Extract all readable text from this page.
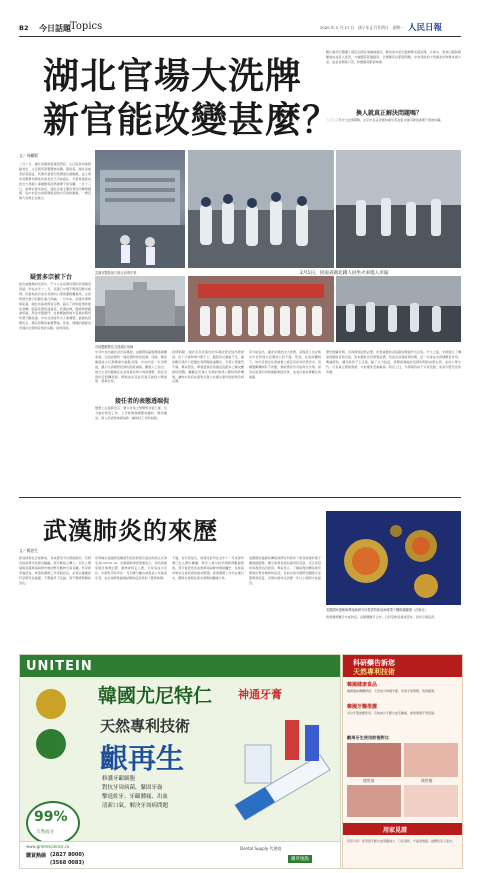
B2 今日話題 Topics	2020 年 2 月 17 日　庚子年正月廿四日　星期一 人民日報
湖北官場大洗牌
新官能改變甚麼？
文／周繼賢
二月十日，湖北省衛健委黨組書記、主任張晉和黨組副書記、主任劉英姿雙雙被免職。緊接着，湖北省委書記蔣超良、武漢市委書記馬國強也被撤換，由上海市長應勇和濟南市委書記王忠林接任。外界普遍認為此次大規模人事變動與疫情處理不當有關。二月十三日，新華社發布消息，湖北省委主要負責同志職務調整。從中央派出的督導組到地方官員的撤換，一場官場大洗牌正在進行。
疑雲多宗被下台
此次被撤換的官員中，不少人在疫情初期的表現備受質疑。早在去年十二月，武漢已出現不明原因肺炎病例，但當地政府並未及時向公眾披露相關資訊，反而對發出警示的醫生進行訓誡。一月中旬，武漢仍舉辦萬家宴，湖北省兩會照常召開，錯失了控制疫情的最佳時機。隨着疫情迅速蔓延，武漢封城，醫療資源嚴重短缺，患者求醫無門，社會輿論對地方官員的問責呼聲不斷高漲。中央在此時作出人事調整，被視為回應民意、穩定局勢的重要舉措。然而，問題的根源是否僅在於個別官員的失職，值得深思。
武漢市醫院前日進行消毒作業	2月1日，河南省湖北籍人員坐火車進入市區
各地醫療隊伍支援湖北前線
中共中央向湖北派出指導組，由國務院副總理孫春蘭率領，全面加強對一線疫情防控的指導。同時，國家衛健委主任馬曉偉亦進駐武漢。中央的這一系列舉措，顯示出高層對疫情的高度重視。觀察人士指出，地方主官的撤換往往意味着政策方向的調整，新任官員能否扭轉局面，將取決於其能否真正做到公開透明、實事求是。
接任者的表態透端倪
應勇上任後即表示，要以非常之舉應對非常之事，全力做好救治工作。王忠林則強調應收盡收、應治盡治。兩人的表態被視為新一輪防控工作的信號。
疫情期間，湖北省及武漢市的多項決策受到外界批評。紅十字會物資分配不公、醫院床位嚴重不足、確診數字統計口徑變化等問題接連曝光，引發公眾強烈不滿。專家認為，單靠更換官員無法從根本上解決體制性問題，關鍵在於建立有效的資訊公開和問責機制，讓地方政府在面對突發公共衛生事件時能夠及時反應。
有分析指出，湖北官場此次大洗牌，某程度上也反映出中央對地方治理能力的不滿。然而，在當前體制下，地方官員往往更重視上級意見而非民眾需求，這種激勵機制若不改變，類似情況仍可能再次出現。如何在追責的同時推動制度改革，成為社會各界關注的焦點。
數以萬計的醫護人員從全國各地馳援湖北，解放軍亦派出醫療隊支援武漢。火神山、雷神山醫院相繼建成並投入使用，方艙醫院陸續啟用，以緩解床位緊張問題。中央同時加大對湖北的物資支援力度，從各省調集口罩、防護服等緊缺物資。
換人就真正解決問題嗎？
二〇〇三年沙士疫情期間，北京市長孟學農和衛生部長張文康同樣因處理不當被免職。
歷史經驗表明，官員問責固然必要，但更重要的是從制度層面作出反思。沙士之後，中國建立了傳染病網絡直報系統，原本應能及早發現疫情，但此次武漢疫情初期，這一系統並未發揮應有作用。輿論認為，湖北新班子上任後，除了全力抗疫，更應認真檢討疫情初期的決策失誤，並向公眾交代。只有真正吸取教訓，才能避免悲劇重演。新官上任，外界期待的不只是表態，而是切實可見的改變。
武漢肺炎的來歷
文／楊思生
新冠病毒在全球肆虐，其來源至今仍眾說紛紜。有研究指病毒可能源自蝙蝠，經中間宿主傳人；亦有人懷疑與武漢華南海鮮市場的野生動物交易有關。科學界普遍認為，病毒的溯源工作需時甚長，必須以嚴謹的科學研究為基礎，不應過早下定論，更不應將問題政治化。
世界衛生組織將這種新型冠狀病毒引起的疾病正式命名為COVID-19。世衛總幹事譚德塞表示，命名時避免提及地理位置、動物或特定人群，以免造成污名化。中國科學家早在一月初便分離出病毒並公布基因序列，為全球研發檢測試劑和疫苗爭取了寶貴時間。
不過，有學者指出，病毒可能早在去年十一月或更早便已在人群中傳播。研究人員分析早期病例數據發現，部分首批患者並無華南海鮮市場接觸史，意味着市場未必是病毒的最初源頭。病毒溯源工作仍在進行中，國際社會期待更多透明的數據分享。
美國國家過敏和傳染病研究所發布了新冠病毒的電子顯微鏡圖像，顯示病毒表面布滿冠狀突起，這正是冠狀病毒得名的原因。專家表示，了解病毒結構有助於開發針對性藥物和疫苗。目前全球多個研究團隊正加緊研發疫苗，但預計最快也需要一年以上時間才能面世。
美國國家過敏和傳染病研究所提供的新冠病毒電子顯微鏡圖像（法新社）
病毒溯源關乎未來防疫，各國應攜手合作，以科學態度尋找答案，而非互相指責。
UNITEIN
韓國尤尼特仁 神通牙膏
天然專利技術
齦再生
99%
天然成分
修護牙齦細胞
對抗牙周病菌，緊固牙齒
擊退蛀牙、牙齦腫痛、出血
清新口氣，解決牙周病問題
www.greenscience.co
購買熱線 (2827 8000)
(3568 0083)
Dental Supply 代理商
購買地點
科研藥告訴您
天然專利技術
韓國健康食品
韓國牙醫推薦
韓國權威機構研發，天然成分修護牙齦，改善牙周問題，效果顯著。
多位牙醫推薦使用，有效減少牙齦出血及腫痛，重建健康牙周組織。
齦周牙生使用前後對比
使用前	使用後
用家見證
用家分享：使用後牙齦出血明顯減少，口氣清新，牙齒更穩固，推薦給家人朋友。
